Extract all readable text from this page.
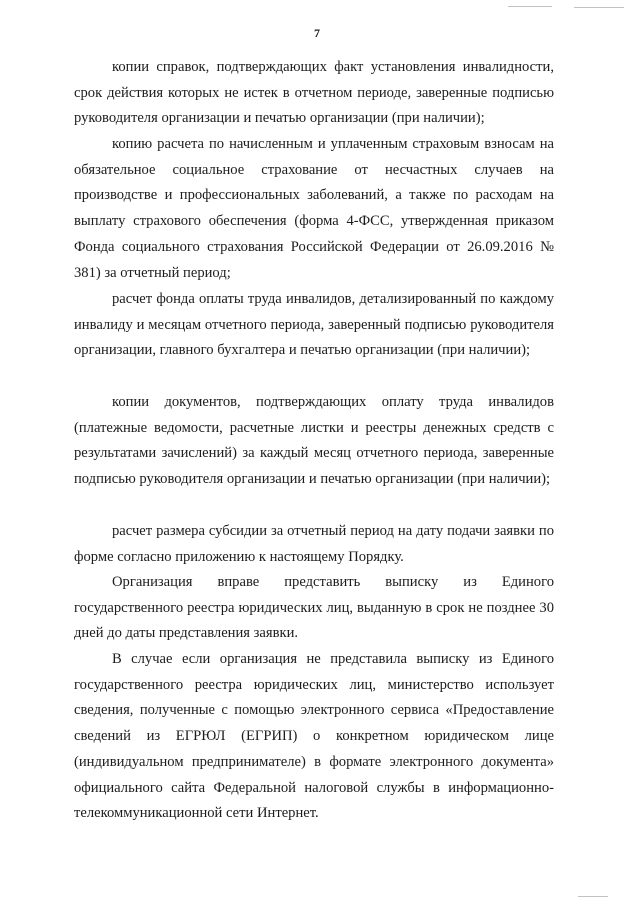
7

копии справок, подтверждающих факт установления инвалидности, срок действия которых не истек в отчетном периоде, заверенные подписью руководителя организации и печатью организации (при наличии);

копию расчета по начисленным и уплаченным страховым взносам на обязательное социальное страхование от несчастных случаев на производстве и профессиональных заболеваний, а также по расходам на выплату страхового обеспечения (форма 4-ФСС, утвержденная приказом Фонда социального страхования Российской Федерации от 26.09.2016 № 381) за отчетный период;

расчет фонда оплаты труда инвалидов, детализированный по каждому инвалиду и месяцам отчетного периода, заверенный подписью руководителя организации, главного бухгалтера и печатью организации (при наличии);

копии документов, подтверждающих оплату труда инвалидов (платежные ведомости, расчетные листки и реестры денежных средств с результатами зачислений) за каждый месяц отчетного периода, заверенные подписью руководителя организации и печатью организации (при наличии);

расчет размера субсидии за отчетный период на дату подачи заявки по форме согласно приложению к настоящему Порядку.

Организация вправе представить выписку из Единого государственного реестра юридических лиц, выданную в срок не позднее 30 дней до даты представления заявки.

В случае если организация не представила выписку из Единого государственного реестра юридических лиц, министерство использует сведения, полученные с помощью электронного сервиса «Предоставление сведений из ЕГРЮЛ (ЕГРИП) о конкретном юридическом лице (индивидуальном предпринимателе) в формате электронного документа» официального сайта Федеральной налоговой службы в информационно-телекоммуникационной сети Интернет.
